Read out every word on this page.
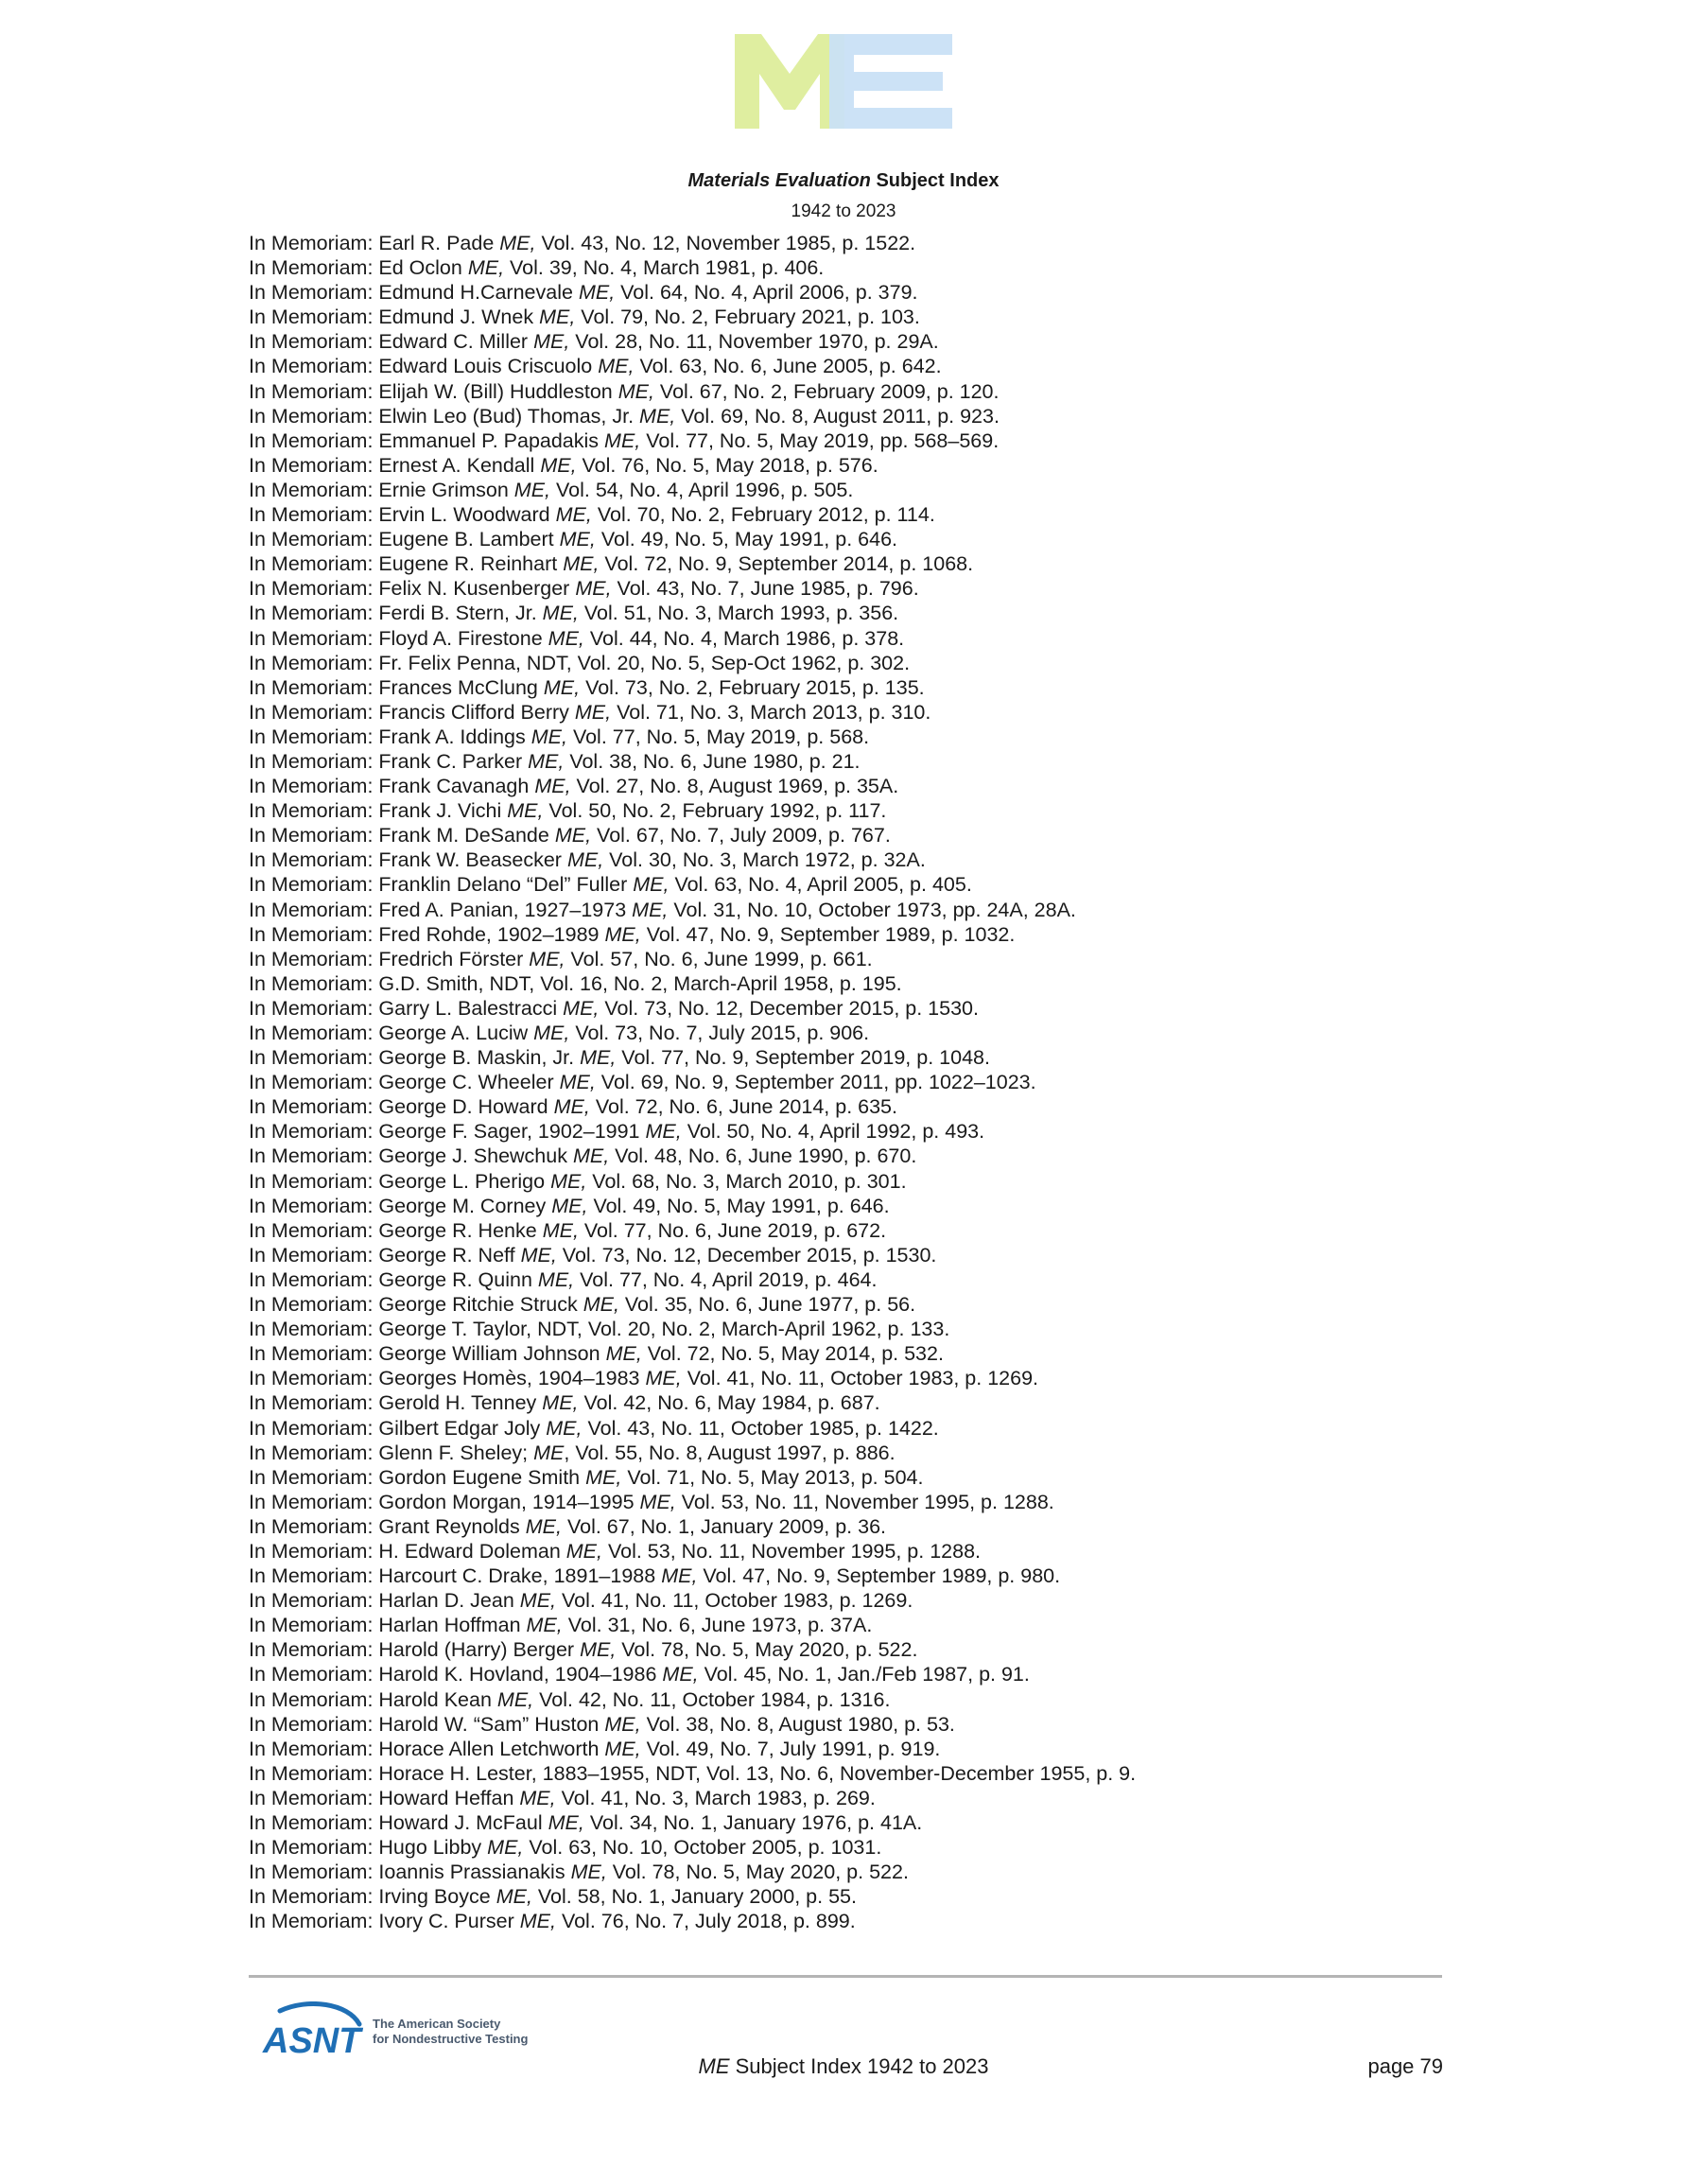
Materials Evaluation Subject Index
1942 to 2023
In Memoriam: Earl R. Pade ME, Vol. 43, No. 12, November 1985, p. 1522.
In Memoriam: Ed Oclon ME, Vol. 39, No. 4, March 1981, p. 406.
In Memoriam: Edmund H.Carnevale ME, Vol. 64, No. 4, April 2006, p. 379.
In Memoriam: Edmund J. Wnek ME, Vol. 79, No. 2, February 2021, p. 103.
In Memoriam: Edward C. Miller ME, Vol. 28, No. 11, November 1970, p. 29A.
In Memoriam: Edward Louis Criscuolo ME, Vol. 63, No. 6, June 2005, p. 642.
In Memoriam: Elijah W. (Bill) Huddleston ME, Vol. 67, No. 2, February 2009, p. 120.
In Memoriam: Elwin Leo (Bud) Thomas, Jr. ME, Vol. 69, No. 8, August 2011, p. 923.
In Memoriam: Emmanuel P. Papadakis ME, Vol. 77, No. 5, May 2019, pp. 568–569.
In Memoriam: Ernest A. Kendall ME, Vol. 76, No. 5, May 2018, p. 576.
In Memoriam: Ernie Grimson ME, Vol. 54, No. 4, April 1996, p. 505.
In Memoriam: Ervin L. Woodward ME, Vol. 70, No. 2, February 2012, p. 114.
In Memoriam: Eugene B. Lambert ME, Vol. 49, No. 5, May 1991, p. 646.
In Memoriam: Eugene R. Reinhart ME, Vol. 72, No. 9, September 2014, p. 1068.
In Memoriam: Felix N. Kusenberger ME, Vol. 43, No. 7, June 1985, p. 796.
In Memoriam: Ferdi B. Stern, Jr. ME, Vol. 51, No. 3, March 1993, p. 356.
In Memoriam: Floyd A. Firestone ME, Vol. 44, No. 4, March 1986, p. 378.
In Memoriam: Fr. Felix Penna, NDT, Vol. 20, No. 5, Sep-Oct 1962, p. 302.
In Memoriam: Frances McClung ME, Vol. 73, No. 2, February 2015, p. 135.
In Memoriam: Francis Clifford Berry ME, Vol. 71, No. 3, March 2013, p. 310.
In Memoriam: Frank A. Iddings ME, Vol. 77, No. 5, May 2019, p. 568.
In Memoriam: Frank C. Parker ME, Vol. 38, No. 6, June 1980, p. 21.
In Memoriam: Frank Cavanagh ME, Vol. 27, No. 8, August 1969, p. 35A.
In Memoriam: Frank J. Vichi ME, Vol. 50, No. 2, February 1992, p. 117.
In Memoriam: Frank M. DeSande ME, Vol. 67, No. 7, July 2009, p. 767.
In Memoriam: Frank W. Beasecker ME, Vol. 30, No. 3, March 1972, p. 32A.
In Memoriam: Franklin Delano “Del” Fuller ME, Vol. 63, No. 4, April 2005, p. 405.
In Memoriam: Fred A. Panian, 1927–1973 ME, Vol. 31, No. 10, October 1973, pp. 24A, 28A.
In Memoriam: Fred Rohde, 1902–1989 ME, Vol. 47, No. 9, September 1989, p. 1032.
In Memoriam: Fredrich Förster ME, Vol. 57, No. 6, June 1999, p. 661.
In Memoriam: G.D. Smith, NDT, Vol. 16, No. 2, March-April 1958, p. 195.
In Memoriam: Garry L. Balestracci ME, Vol. 73, No. 12, December 2015, p. 1530.
In Memoriam: George A. Luciw ME, Vol. 73, No. 7, July 2015, p. 906.
In Memoriam: George B. Maskin, Jr. ME, Vol. 77, No. 9, September 2019, p. 1048.
In Memoriam: George C. Wheeler ME, Vol. 69, No. 9, September 2011, pp. 1022–1023.
In Memoriam: George D. Howard ME, Vol. 72, No. 6, June 2014, p. 635.
In Memoriam: George F. Sager, 1902–1991 ME, Vol. 50, No. 4, April 1992, p. 493.
In Memoriam: George J. Shewchuk ME, Vol. 48, No. 6, June 1990, p. 670.
In Memoriam: George L. Pherigo ME, Vol. 68, No. 3, March 2010, p. 301.
In Memoriam: George M. Corney ME, Vol. 49, No. 5, May 1991, p. 646.
In Memoriam: George R. Henke ME, Vol. 77, No. 6, June 2019, p. 672.
In Memoriam: George R. Neff ME, Vol. 73, No. 12, December 2015, p. 1530.
In Memoriam: George R. Quinn ME, Vol. 77, No. 4, April 2019, p. 464.
In Memoriam: George Ritchie Struck ME, Vol. 35, No. 6, June 1977, p. 56.
In Memoriam: George T. Taylor, NDT, Vol. 20, No. 2, March-April 1962, p. 133.
In Memoriam: George William Johnson ME, Vol. 72, No. 5, May 2014, p. 532.
In Memoriam: Georges Homès, 1904–1983 ME, Vol. 41, No. 11, October 1983, p. 1269.
In Memoriam: Gerold H. Tenney ME, Vol. 42, No. 6, May 1984, p. 687.
In Memoriam: Gilbert Edgar Joly ME, Vol. 43, No. 11, October 1985, p. 1422.
In Memoriam: Glenn F. Sheley; ME, Vol. 55, No. 8, August 1997, p. 886.
In Memoriam: Gordon Eugene Smith ME, Vol. 71, No. 5, May 2013, p. 504.
In Memoriam: Gordon Morgan, 1914–1995 ME, Vol. 53, No. 11, November 1995, p. 1288.
In Memoriam: Grant Reynolds ME, Vol. 67, No. 1, January 2009, p. 36.
In Memoriam: H. Edward Doleman ME, Vol. 53, No. 11, November 1995, p. 1288.
In Memoriam: Harcourt C. Drake, 1891–1988 ME, Vol. 47, No. 9, September 1989, p. 980.
In Memoriam: Harlan D. Jean ME, Vol. 41, No. 11, October 1983, p. 1269.
In Memoriam: Harlan Hoffman ME, Vol. 31, No. 6, June 1973, p. 37A.
In Memoriam: Harold (Harry) Berger ME, Vol. 78, No. 5, May 2020, p. 522.
In Memoriam: Harold K. Hovland, 1904–1986 ME, Vol. 45, No. 1, Jan./Feb 1987, p. 91.
In Memoriam: Harold Kean ME, Vol. 42, No. 11, October 1984, p. 1316.
In Memoriam: Harold W. “Sam” Huston ME, Vol. 38, No. 8, August 1980, p. 53.
In Memoriam: Horace Allen Letchworth ME, Vol. 49, No. 7, July 1991, p. 919.
In Memoriam: Horace H. Lester, 1883–1955, NDT, Vol. 13, No. 6, November-December 1955, p. 9.
In Memoriam: Howard Heffan ME, Vol. 41, No. 3, March 1983, p. 269.
In Memoriam: Howard J. McFaul ME, Vol. 34, No. 1, January 1976, p. 41A.
In Memoriam: Hugo Libby ME, Vol. 63, No. 10, October 2005, p. 1031.
In Memoriam: Ioannis Prassianakis ME, Vol. 78, No. 5, May 2020, p. 522.
In Memoriam: Irving Boyce ME, Vol. 58, No. 1, January 2000, p. 55.
In Memoriam: Ivory C. Purser ME, Vol. 76, No. 7, July 2018, p. 899.
ASNT The American Society
for Nondestructive Testing
ME Subject Index 1942 to 2023	page 79
